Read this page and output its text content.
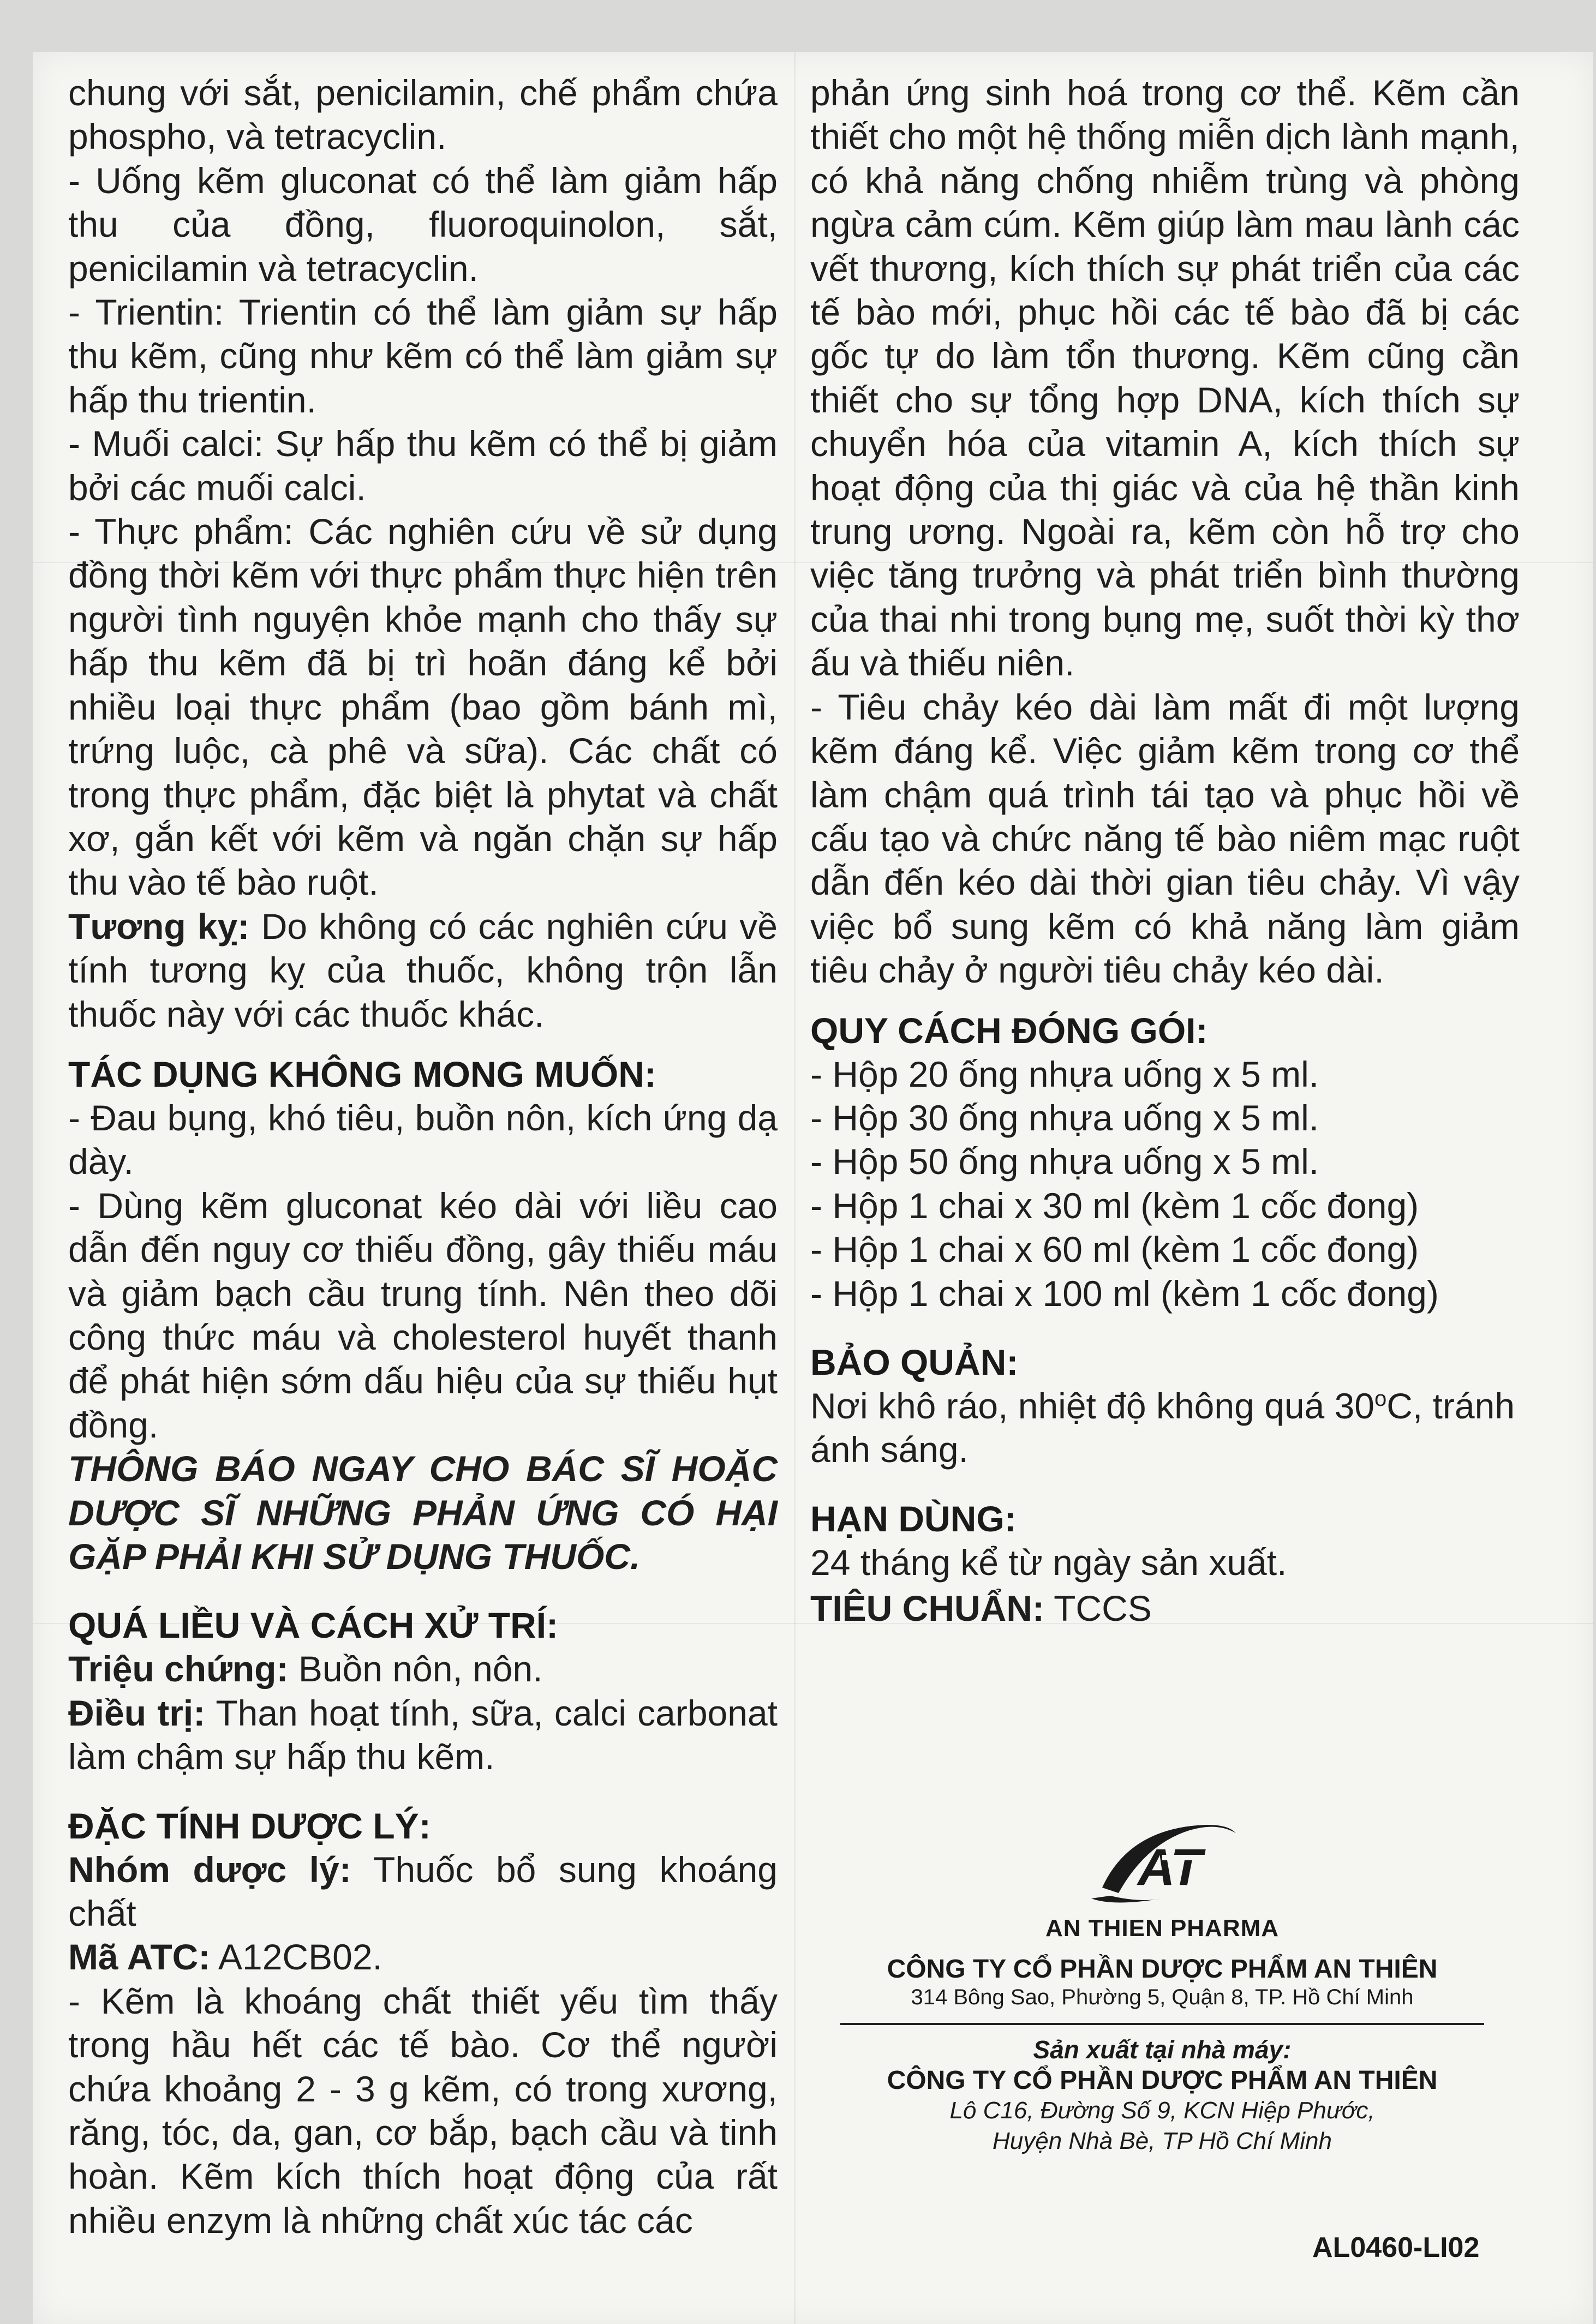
chung với sắt, penicilamin, chế phẩm chứa phospho, và tetracyclin.

- Uống kẽm gluconat có thể làm giảm hấp thu của đồng, fluoroquinolon, sắt, penicilamin và tetracyclin.

- Trientin: Trientin có thể làm giảm sự hấp thu kẽm, cũng như kẽm có thể làm giảm sự hấp thu trientin.

- Muối calci: Sự hấp thu kẽm có thể bị giảm bởi các muối calci.

- Thực phẩm: Các nghiên cứu về sử dụng đồng thời kẽm với thực phẩm thực hiện trên người tình nguyện khỏe mạnh cho thấy sự hấp thu kẽm đã bị trì hoãn đáng kể bởi nhiều loại thực phẩm (bao gồm bánh mì, trứng luộc, cà phê và sữa). Các chất có trong thực phẩm, đặc biệt là phytat và chất xơ, gắn kết với kẽm và ngăn chặn sự hấp thu vào tế bào ruột.

Tương kỵ: Do không có các nghiên cứu về tính tương kỵ của thuốc, không trộn lẫn thuốc này với các thuốc khác.

TÁC DỤNG KHÔNG MONG MUỐN:

- Đau bụng, khó tiêu, buồn nôn, kích ứng dạ dày.

- Dùng kẽm gluconat kéo dài với liều cao dẫn đến nguy cơ thiếu đồng, gây thiếu máu và giảm bạch cầu trung tính. Nên theo dõi công thức máu và cholesterol huyết thanh để phát hiện sớm dấu hiệu của sự thiếu hụt đồng.

THÔNG BÁO NGAY CHO BÁC SĨ HOẶC DƯỢC SĨ NHỮNG PHẢN ỨNG CÓ HẠI GẶP PHẢI KHI SỬ DỤNG THUỐC.

QUÁ LIỀU VÀ CÁCH XỬ TRÍ:

Triệu chứng: Buồn nôn, nôn.

Điều trị: Than hoạt tính, sữa, calci carbonat làm chậm sự hấp thu kẽm.

ĐẶC TÍNH DƯỢC LÝ:

Nhóm dược lý: Thuốc bổ sung khoáng chất

Mã ATC: A12CB02.

- Kẽm là khoáng chất thiết yếu tìm thấy trong hầu hết các tế bào. Cơ thể người chứa khoảng 2 - 3 g kẽm, có trong xương, răng, tóc, da, gan, cơ bắp, bạch cầu và tinh hoàn. Kẽm kích thích hoạt động của rất nhiều enzym là những chất xúc tác các

phản ứng sinh hoá trong cơ thể. Kẽm cần thiết cho một hệ thống miễn dịch lành mạnh, có khả năng chống nhiễm trùng và phòng ngừa cảm cúm. Kẽm giúp làm mau lành các vết thương, kích thích sự phát triển của các tế bào mới, phục hồi các tế bào đã bị các gốc tự do làm tổn thương. Kẽm cũng cần thiết cho sự tổng hợp DNA, kích thích sự chuyển hóa của vitamin A, kích thích sự hoạt động của thị giác và của hệ thần kinh trung ương. Ngoài ra, kẽm còn hỗ trợ cho việc tăng trưởng và phát triển bình thường của thai nhi trong bụng mẹ, suốt thời kỳ thơ ấu và thiếu niên.

- Tiêu chảy kéo dài làm mất đi một lượng kẽm đáng kể. Việc giảm kẽm trong cơ thể làm chậm quá trình tái tạo và phục hồi về cấu tạo và chức năng tế bào niêm mạc ruột dẫn đến kéo dài thời gian tiêu chảy. Vì vậy việc bổ sung kẽm có khả năng làm giảm tiêu chảy ở người tiêu chảy kéo dài.

QUY CÁCH ĐÓNG GÓI:
- Hộp 20 ống nhựa uống x 5 ml.
- Hộp 30 ống nhựa uống x 5 ml.
- Hộp 50 ống nhựa uống x 5 ml.
- Hộp 1 chai x 30 ml (kèm 1 cốc đong)
- Hộp 1 chai x 60 ml (kèm 1 cốc đong)
- Hộp 1 chai x 100 ml (kèm 1 cốc đong)
BẢO QUẢN:

Nơi khô ráo, nhiệt độ không quá 30$^o$C, tránh ánh sáng.

HẠN DÙNG:

24 tháng kể từ ngày sản xuất.

TIÊU CHUẨN: TCCS

A
T
AN THIEN PHARMA
CÔNG TY CỔ PHẦN DƯỢC PHẨM AN THIÊN
314 Bông Sao, Phường 5, Quận 8, TP. Hồ Chí Minh
Sản xuất tại nhà máy:
CÔNG TY CỔ PHẦN DƯỢC PHẨM AN THIÊN
Lô C16, Đường Số 9, KCN Hiệp Phước,
Huyện Nhà Bè, TP Hồ Chí Minh
AL0460-LI02
